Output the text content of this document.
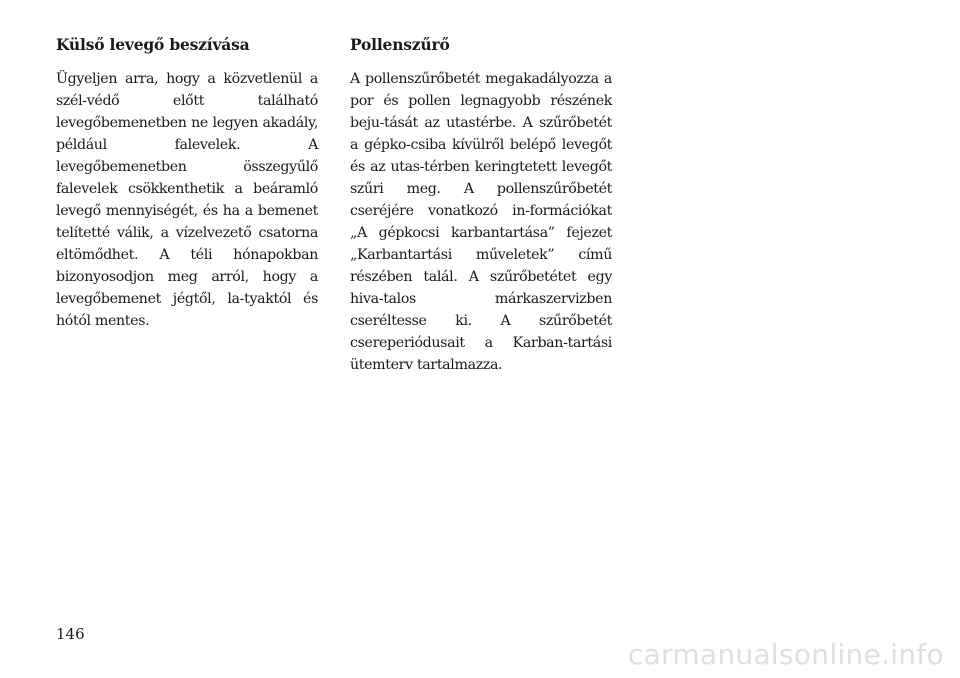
Külső levegő beszívása

Ügyeljen arra, hogy a közvetlenül a szél-védő előtt található levegőbemenetben ne legyen akadály, például falevelek. A levegőbemenetben összegyűlő falevelek csökkenthetik a beáramló levegő mennyiségét, és ha a bemenet telítetté válik, a vízelvezető csatorna eltömődhet. A téli hónapokban bizonyosodjon meg arról, hogy a levegőbemenet jégtől, la-tyaktól és hótól mentes.

Pollenszűrő

A pollenszűrőbetét megakadályozza a por és pollen legnagyobb részének beju-tását az utastérbe. A szűrőbetét a gépko-csiba kívülről belépő levegőt és az utas-térben keringtetett levegőt szűri meg. A pollenszűrőbetét cseréjére vonatkozó in-formációkat „A gépkocsi karbantartása” fejezet „Karbantartási műveletek” című részében talál. A szűrőbetétet egy hiva-talos márkaszervizben cseréltesse ki. A szűrőbetét csereperiódusait a Karban-tartási ütemterv tartalmazza.

146
carmanualsonline.info
